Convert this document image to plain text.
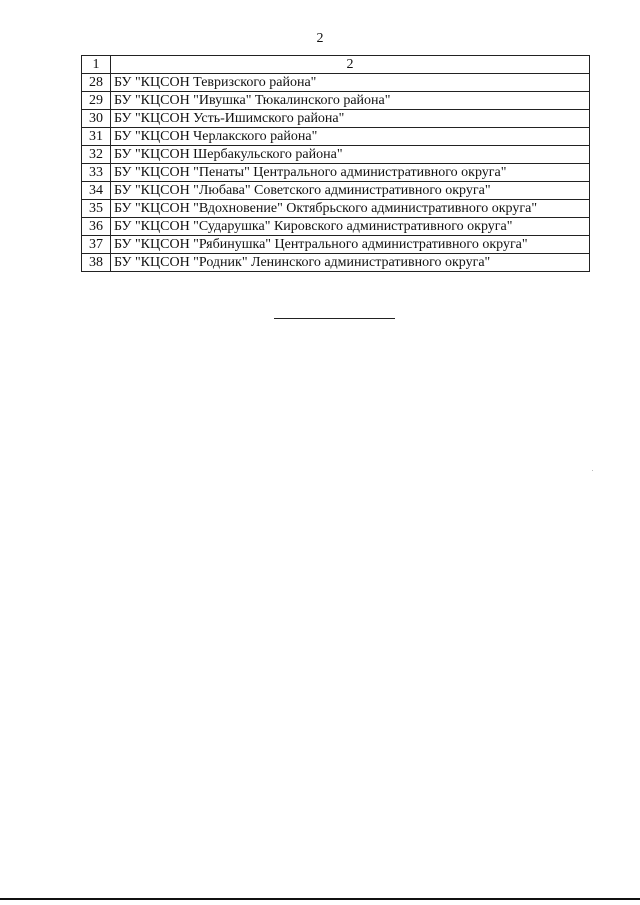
2
1	2
28	БУ "КЦСОН Тевризского района"
29	БУ "КЦСОН "Ивушка" Тюкалинского района"
30	БУ "КЦСОН Усть-Ишимского района"
31	БУ "КЦСОН Черлакского района"
32	БУ "КЦСОН Шербакульского района"
33	БУ "КЦСОН "Пенаты" Центрального административного округа"
34	БУ "КЦСОН "Любава" Советского административного округа"
35	БУ "КЦСОН "Вдохновение" Октябрьского административного округа"
36	БУ "КЦСОН "Сударушка" Кировского административного округа"
37	БУ "КЦСОН "Рябинушка" Центрального административного округа"
38	БУ "КЦСОН "Родник" Ленинского административного округа"
